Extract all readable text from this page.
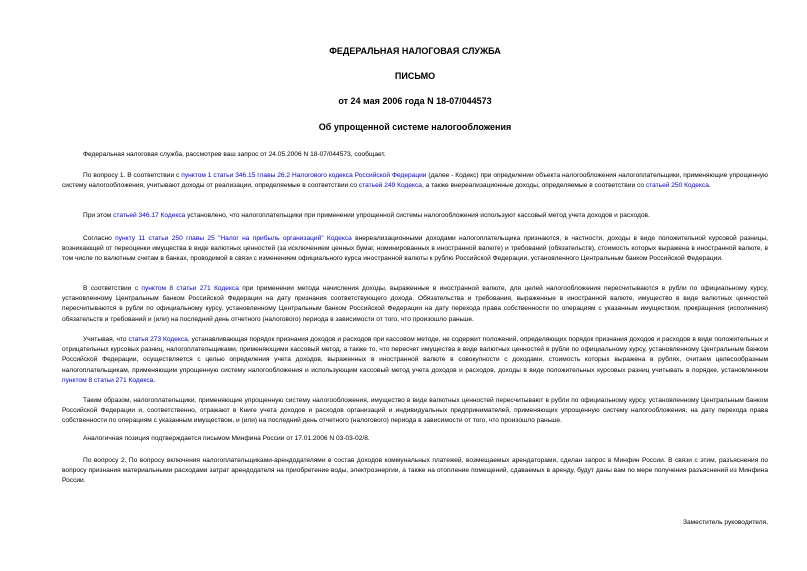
ФЕДЕРАЛЬНАЯ НАЛОГОВАЯ СЛУЖБА
ПИСЬМО
от 24 мая 2006 года N 18-07/044573
Об упрощенной системе налогообложения

Федеральная налоговая служба, рассмотрев ваш запрос от 24.05.2006 N 18-07/044573, сообщает.

По вопросу 1. В соответствии с пунктом 1 статьи 346.15 главы 26.2 Налогового кодекса Российской Федерации (далее - Кодекс) при определении объекта налогообложения налогоплательщики, применяющие упрощенную систему налогообложения, учитывают доходы от реализации, определяемые в соответствии со статьей 249 Кодекса, а также внереализационные доходы, определяемые в соответствии со статьей 250 Кодекса.

При этом статьей 346.17 Кодекса установлено, что налогоплательщики при применении упрощенной системы налогообложения используют кассовый метод учета доходов и расходов.

Согласно пункту 11 статьи 250 главы 25 "Налог на прибыль организаций" Кодекса внереализационными доходами налогоплательщика признаются, в частности, доходы в виде положительной курсовой разницы, возникающей от переоценки имущества в виде валютных ценностей (за исключением ценных бумаг, номинированных в иностранной валюте) и требований (обязательств), стоимость которых выражена в иностранной валюте, в том числе по валютным счетам в банках, проводимой в связи с изменением официального курса иностранной валюты к рублю Российской Федерации, установленного Центральным банком Российской Федерации.

В соответствии с пунктом 8 статьи 271 Кодекса при применении метода начисления доходы, выраженные в иностранной валюте, для целей налогообложения пересчитываются в рубли по официальному курсу, установленному Центральным банком Российской Федерации на дату признания соответствующего дохода. Обязательства и требования, выраженные в иностранной валюте, имущество в виде валютных ценностей пересчитываются в рубли по официальному курсу, установленному Центральным банком Российской Федерации на дату перехода права собственности по операциям с указанным имуществом, прекращения (исполнения) обязательств и требований и (или) на последний день отчетного (налогового) периода в зависимости от того, что произошло раньше.

Учитывая, что статья 273 Кодекса, устанавливающая порядок признания доходов и расходов при кассовом методе, не содержит положений, определяющих порядок признания доходов и расходов в виде положительных и отрицательных курсовых разниц, налогоплательщиками, применяющими кассовый метод, а также то, что пересчет имущества в виде валютных ценностей в рубли по официальному курсу, установленному Центральным банком Российской Федерации, осуществляется с целью определения учета доходов, выраженных в иностранной валюте в совокупности с доходами, стоимость которых выражена в рублях, считаем целесообразным налогоплательщикам, применяющим упрощенную систему налогообложения и использующим кассовый метод учета доходов и расходов, доходы в виде положительных курсовых разниц учитывать в порядке, установленном пунктом 8 статьи 271 Кодекса.

Таким образом, налогоплательщики, применяющие упрощенную систему налогообложения, имущество в виде валютных ценностей пересчитывают в рубли по официальному курсу, установленному Центральным банком Российской Федерации и, соответственно, отражают в Книге учета доходов и расходов организаций и индивидуальных предпринимателей, применяющих упрощенную систему налогообложения, на дату перехода права собственности по операциям с указанным имуществом, и (или) на последний день отчетного (налогового) периода в зависимости от того, что произошло раньше.

Аналогичная позиция подтверждается письмом Минфина России от 17.01.2006 N 03-03-02/8.

По вопросу 2. По вопросу включения налогоплательщиками-арендодателями в состав доходов коммунальных платежей, возмещаемых арендаторами, сделан запрос в Минфин России. В связи с этим, разъяснения по вопросу признания материальными расходами затрат арендодателя на приобретение воды, электроэнергии, а также на отопление помещений, сдаваемых в аренду, будут даны вам по мере получения разъяснений из Минфина России.

Заместитель руководителя,
